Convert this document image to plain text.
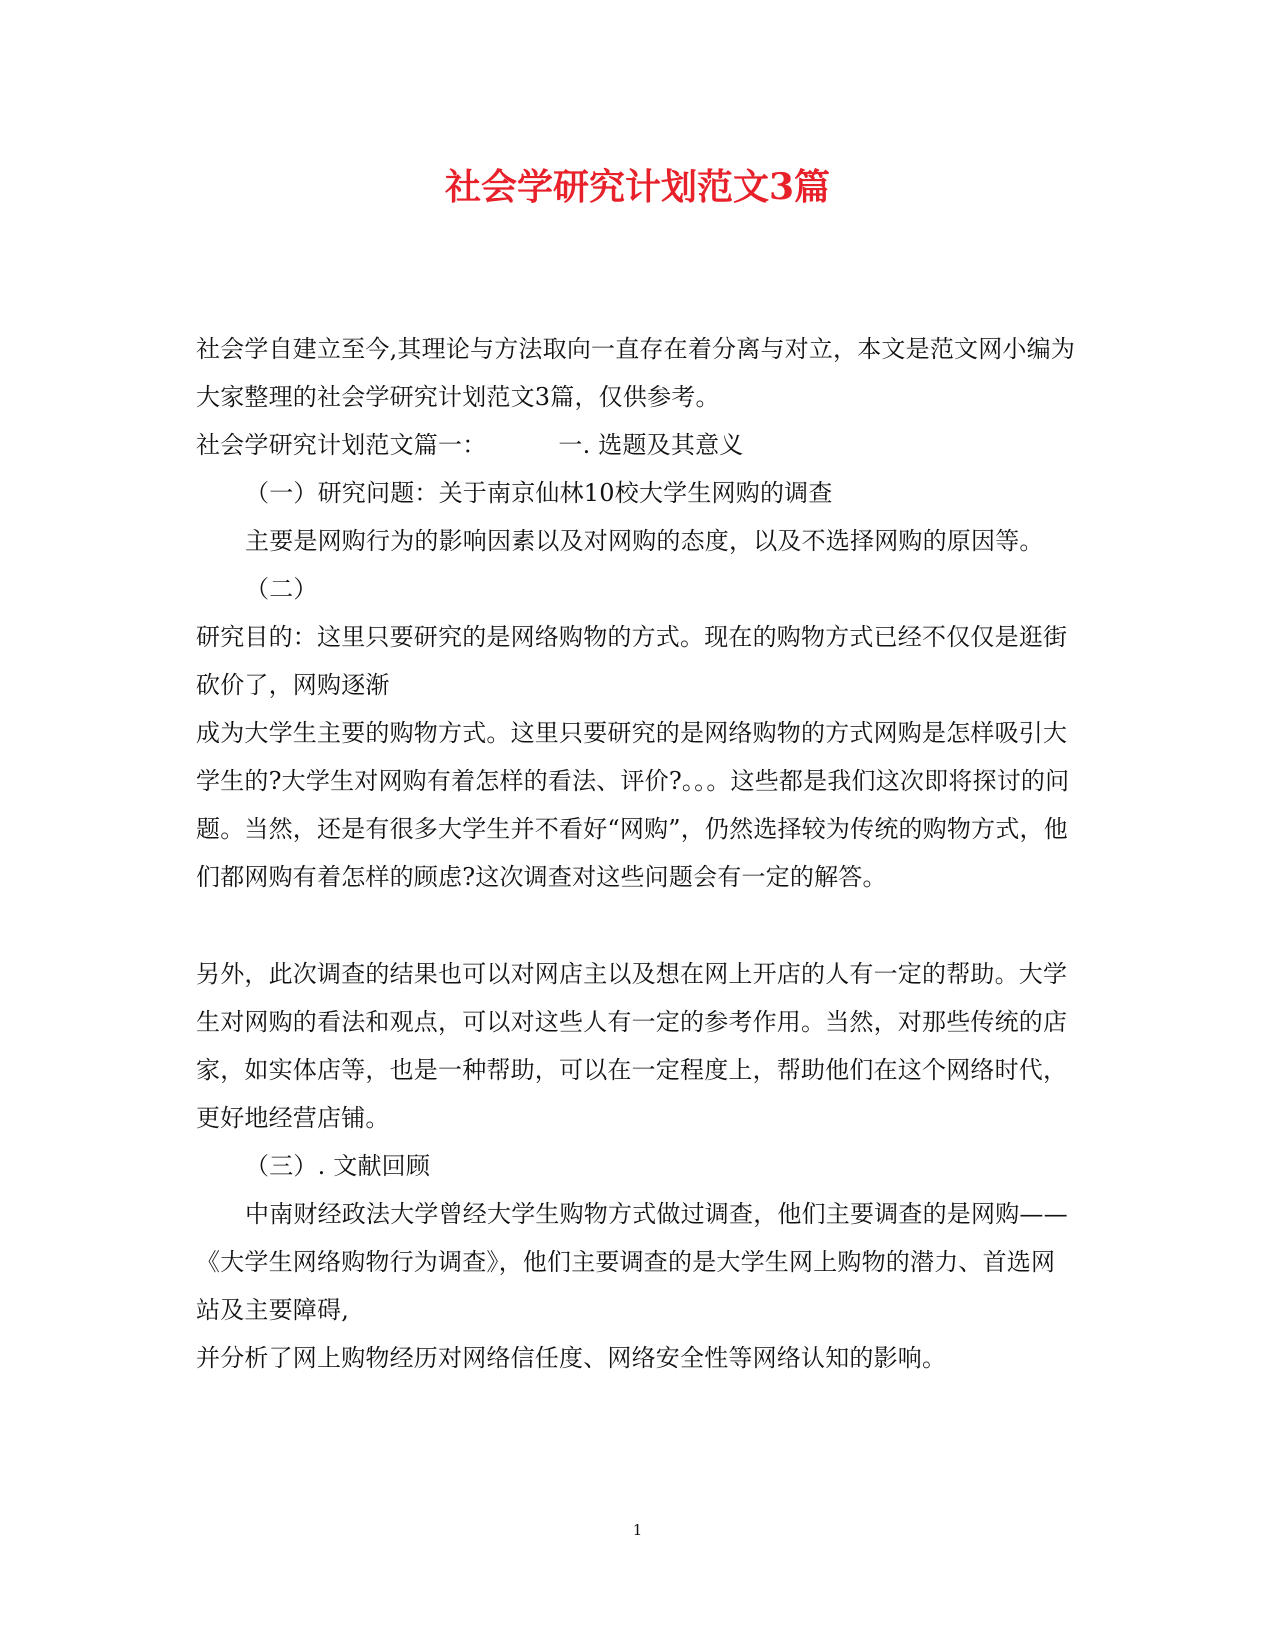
社会学研究计划范文3篇

社会学自建立至今,其理论与方法取向一直存在着分离与对立，本文是范文网小编为大家整理的社会学研究计划范文3篇，仅供参考。

社会学研究计划范文篇一：	一. 选题及其意义

（一）研究问题：关于南京仙林10校大学生网购的调查

主要是网购行为的影响因素以及对网购的态度，以及不选择网购的原因等。

（二）

研究目的：这里只要研究的是网络购物的方式。现在的购物方式已经不仅仅是逛街砍价了，网购逐渐

成为大学生主要的购物方式。这里只要研究的是网络购物的方式网购是怎样吸引大学生的?大学生对网购有着怎样的看法、评价?。。。这些都是我们这次即将探讨的问题。当然，还是有很多大学生并不看好“网购”，仍然选择较为传统的购物方式，他们都网购有着怎样的顾虑?这次调查对这些问题会有一定的解答。

另外，此次调查的结果也可以对网店主以及想在网上开店的人有一定的帮助。大学生对网购的看法和观点，可以对这些人有一定的参考作用。当然，对那些传统的店家，如实体店等，也是一种帮助，可以在一定程度上，帮助他们在这个网络时代，更好地经营店铺。

（三）. 文献回顾

中南财经政法大学曾经大学生购物方式做过调查，他们主要调查的是网购——

《大学生网络购物行为调查》，他们主要调查的是大学生网上购物的潜力、首选网站及主要障碍,

并分析了网上购物经历对网络信任度、网络安全性等网络认知的影响。

1
